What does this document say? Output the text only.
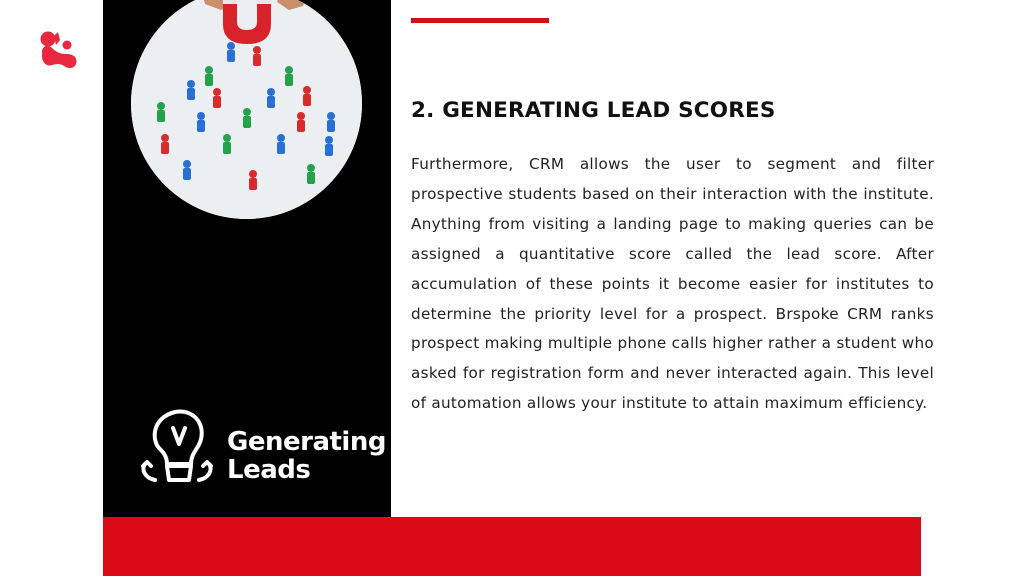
Generating
Leads
2. GENERATING LEAD SCORES

Furthermore, CRM allows the user to segment and filter prospective students based on their interaction with the institute. Anything from visiting a landing page to making queries can be assigned a quantitative score called the lead score. After accumulation of these points it become easier for institutes to determine the priority level for a prospect. Brspoke CRM ranks prospect making multiple phone calls higher rather a student who asked for registration form and never interacted again. This level of automation allows your institute to attain maximum efficiency.
